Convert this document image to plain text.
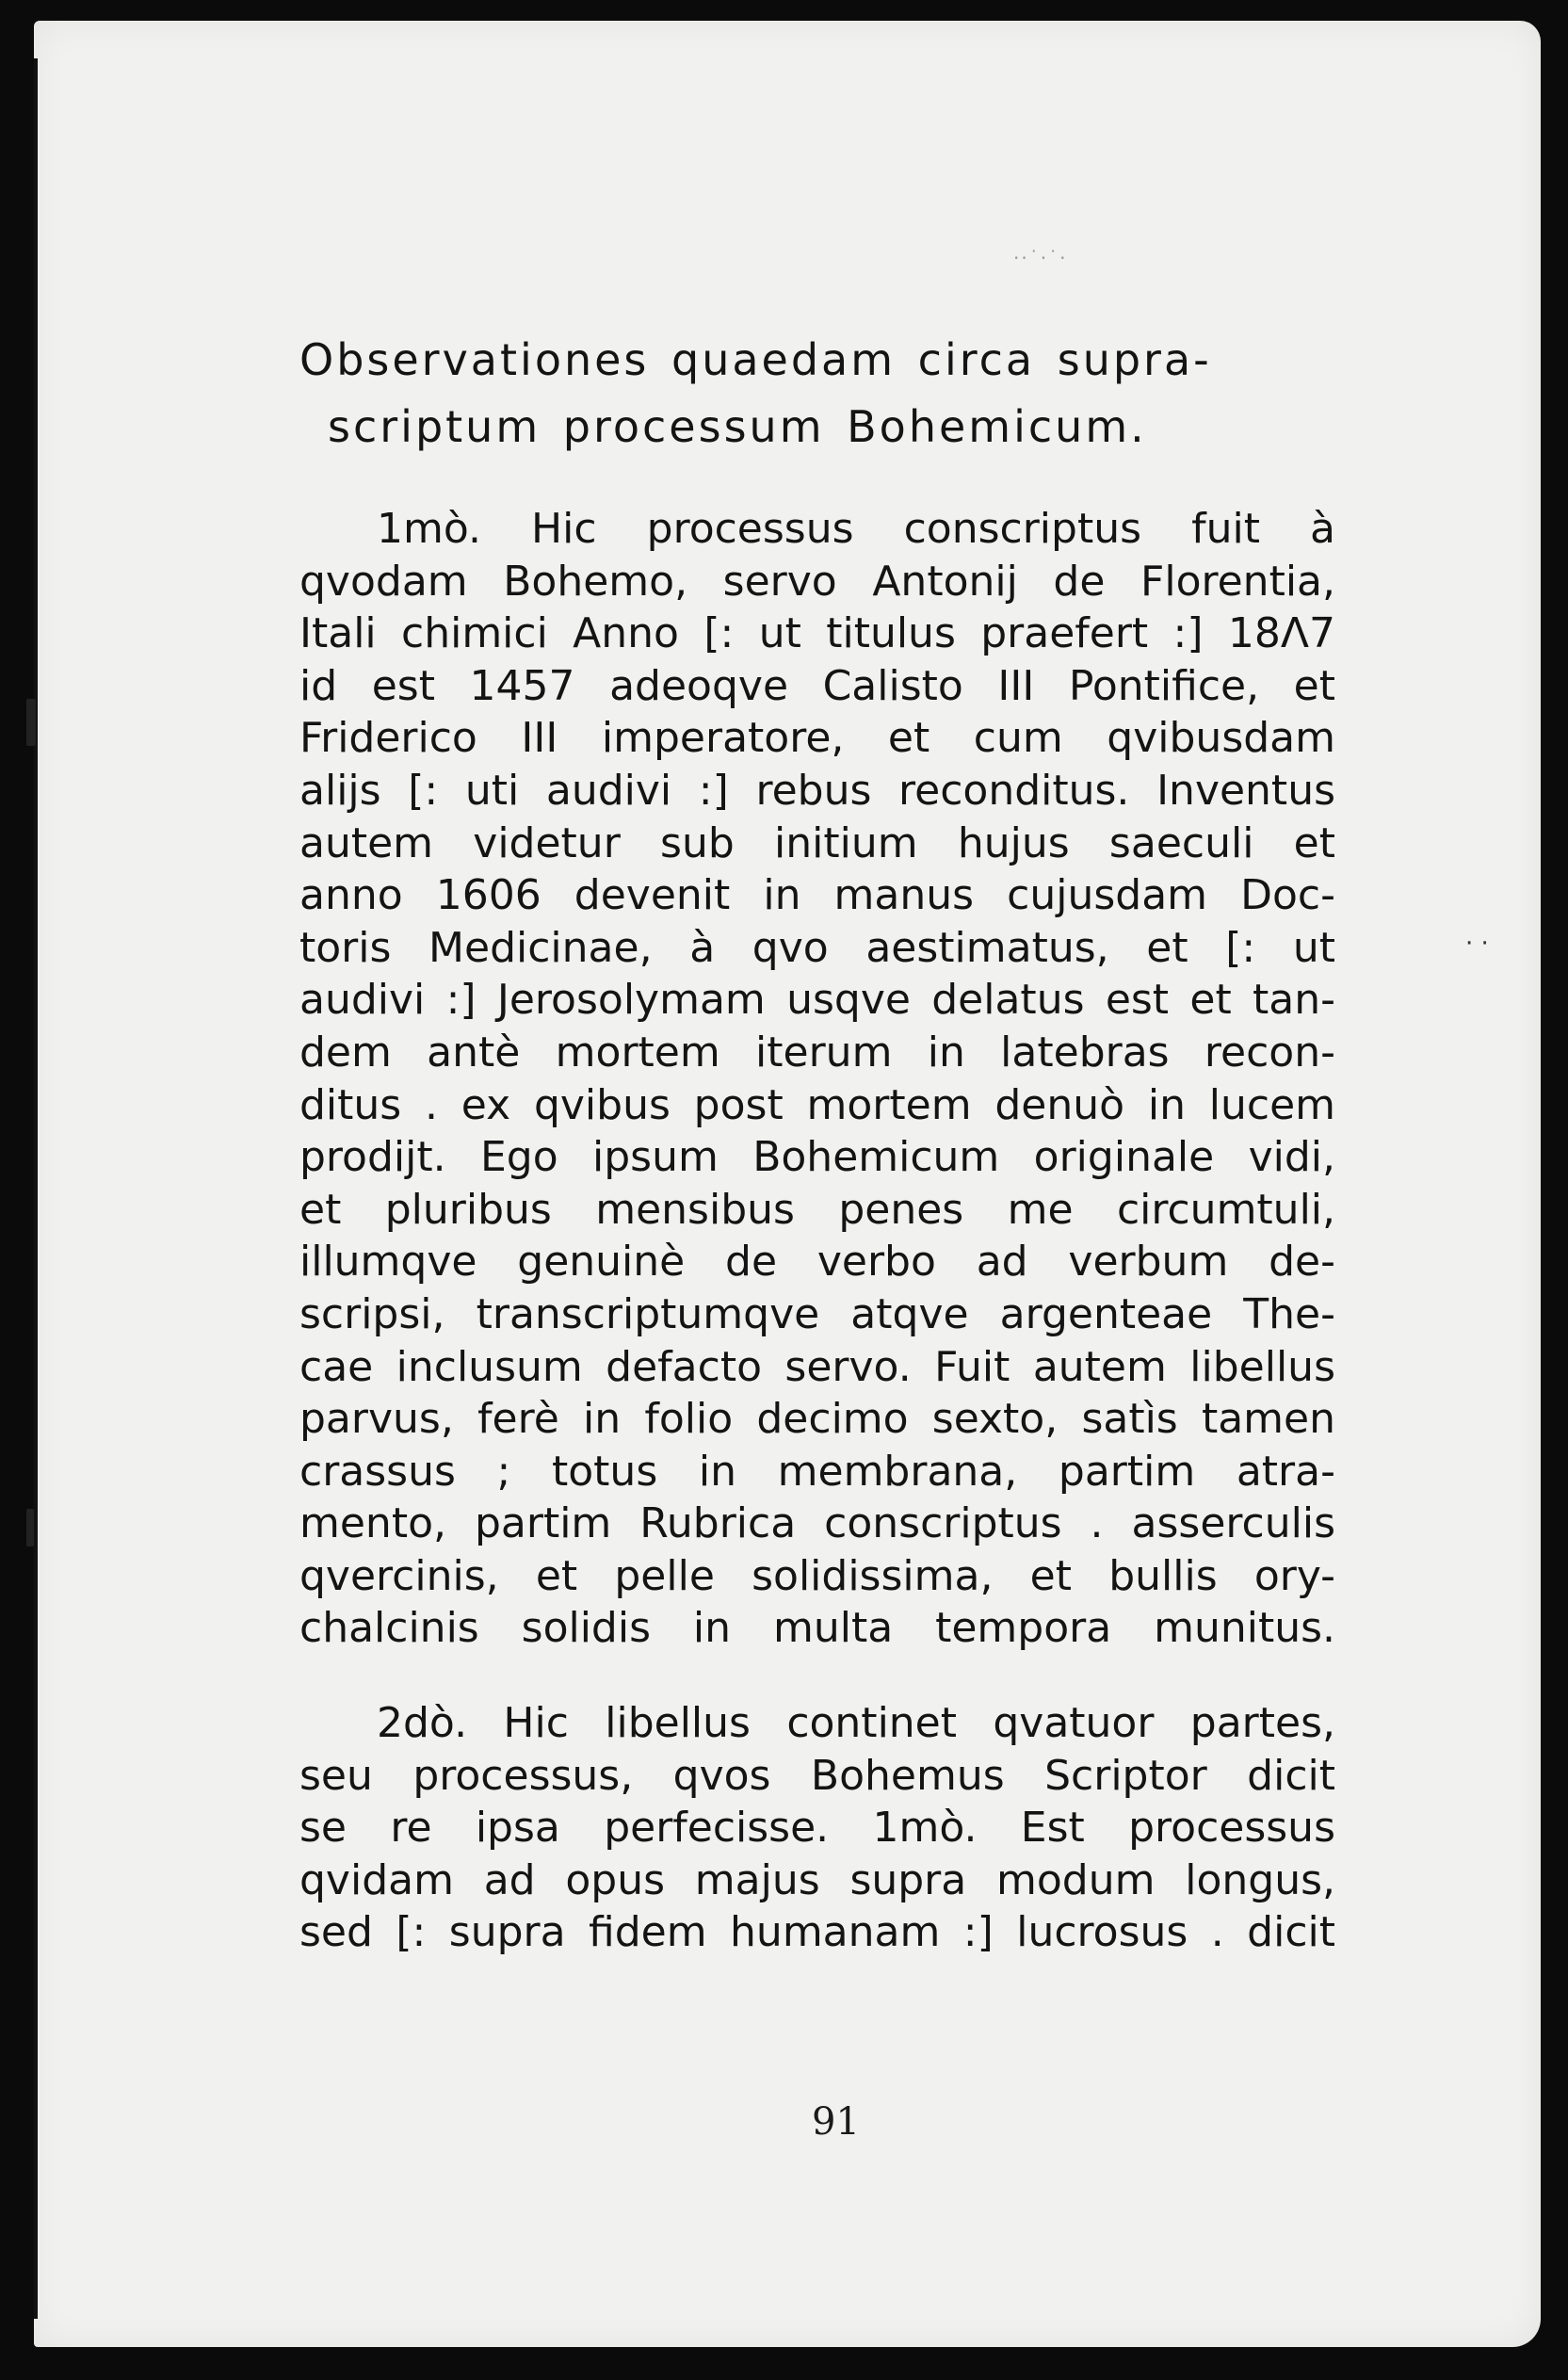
··˙·˙·
· ·
Observationes quaedam circa supra-
scriptum processum Bohemicum.
1mò. Hic processus conscriptus fuit à
qvodam Bohemo, servo Antonij de Florentia,
Itali chimici Anno [: ut titulus praefert :] 18Λ7
id est 1457 adeoqve Calisto III Pontifice, et
Friderico III imperatore, et cum qvibusdam
alijs [: uti audivi :] rebus reconditus. Inventus
autem videtur sub initium hujus saeculi et
anno 1606 devenit in manus cujusdam Doc-
toris Medicinae, à qvo aestimatus, et [: ut
audivi :] Jerosolymam usqve delatus est et tan-
dem antè mortem iterum in latebras recon-
ditus . ex qvibus post mortem denuò in lucem
prodijt. Ego ipsum Bohemicum originale vidi,
et pluribus mensibus penes me circumtuli,
illumqve genuinè de verbo ad verbum de-
scripsi, transcriptumqve atqve argenteae The-
cae inclusum defacto servo. Fuit autem libellus
parvus, ferè in folio decimo sexto, satìs tamen
crassus ; totus in membrana, partim atra-
mento, partim Rubrica conscriptus . asserculis
qvercinis, et pelle solidissima, et bullis ory-
chalcinis solidis in multa tempora munitus.
2dò. Hic libellus continet qvatuor partes,
seu processus, qvos Bohemus Scriptor dicit
se re ipsa perfecisse. 1mò. Est processus
qvidam ad opus majus supra modum longus,
sed [: supra fidem humanam :] lucrosus . dicit
91
